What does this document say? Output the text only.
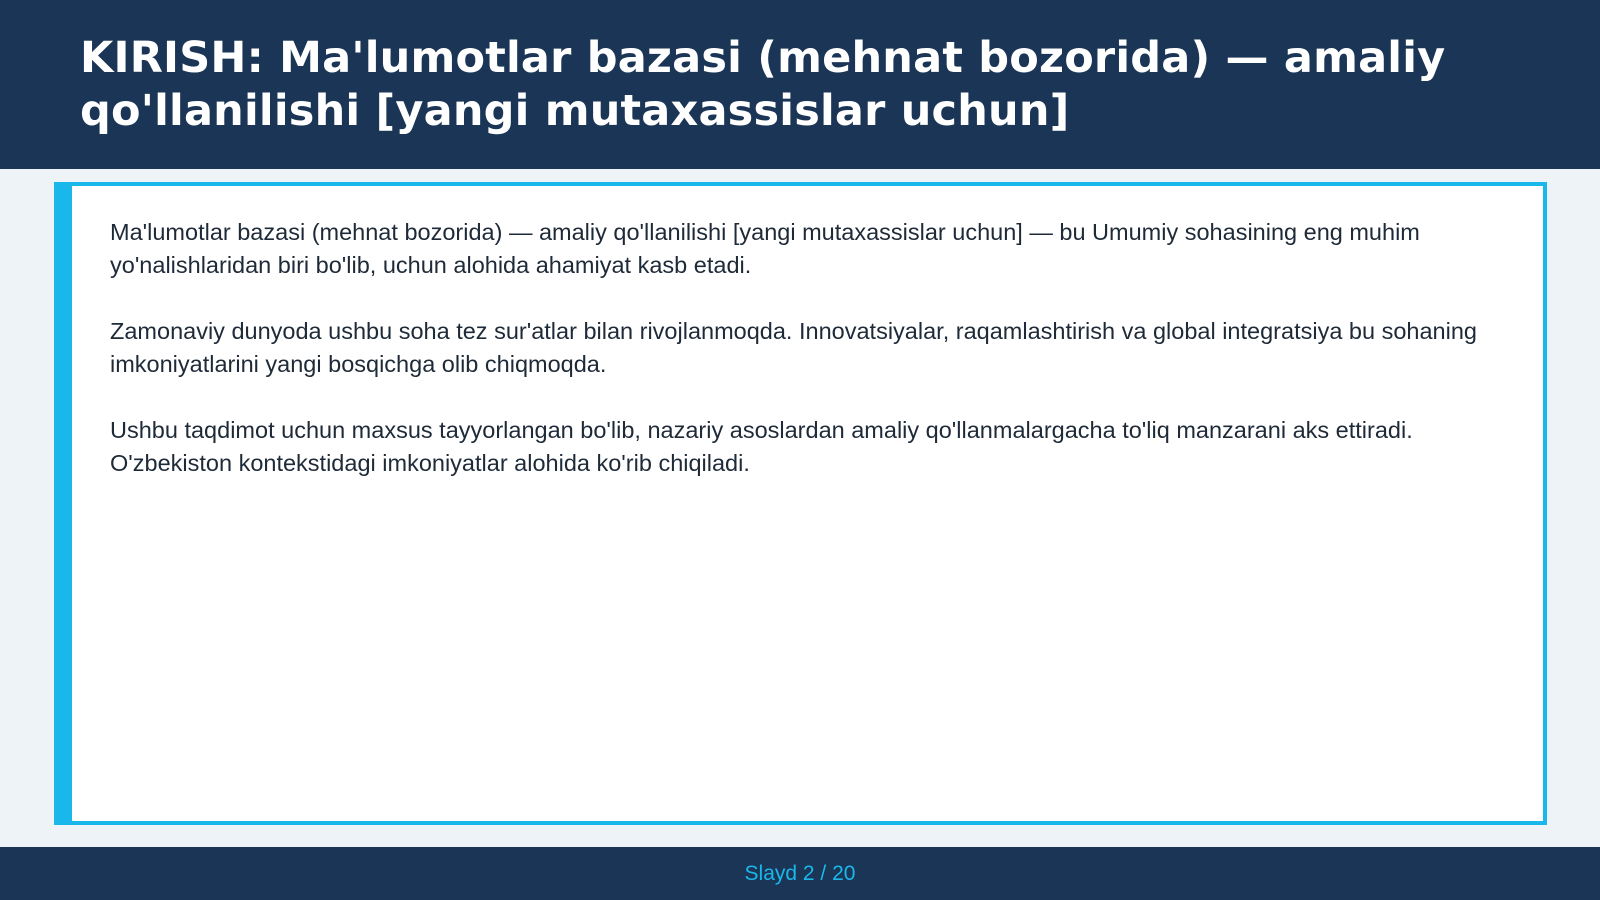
KIRISH: Ma'lumotlar bazasi (mehnat bozorida) — amaliy qo'llanilishi [yangi mutaxassislar uchun]

Ma'lumotlar bazasi (mehnat bozorida) — amaliy qo'llanilishi [yangi mutaxassislar uchun] — bu Umumiy sohasining eng muhim yo'nalishlaridan biri bo'lib, uchun alohida ahamiyat kasb etadi.

Zamonaviy dunyoda ushbu soha tez sur'atlar bilan rivojlanmoqda. Innovatsiyalar, raqamlashtirish va global integratsiya bu sohaning imkoniyatlarini yangi bosqichga olib chiqmoqda.

Ushbu taqdimot uchun maxsus tayyorlangan bo'lib, nazariy asoslardan amaliy qo'llanmalargacha to'liq manzarani aks ettiradi. O'zbekiston kontekstidagi imkoniyatlar alohida ko'rib chiqiladi.

Slayd 2 / 20
